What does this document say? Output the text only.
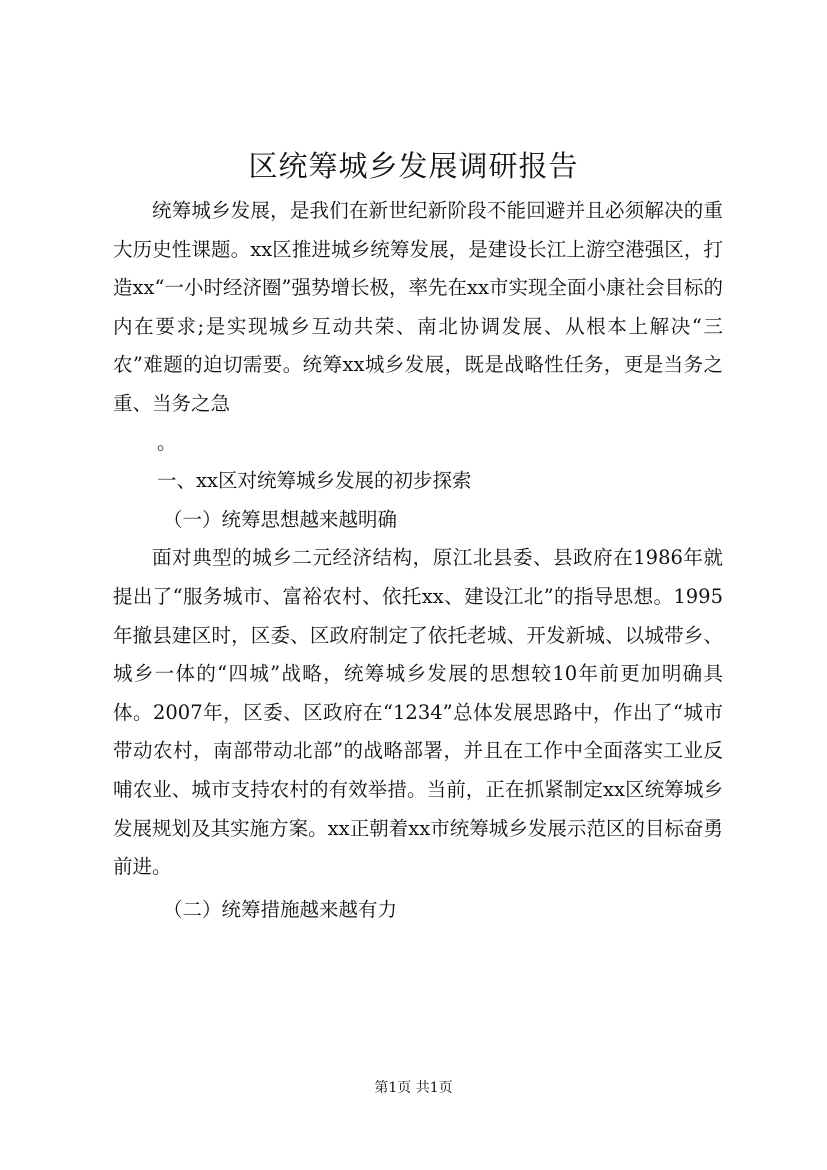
区统筹城乡发展调研报告

统筹城乡发展，是我们在新世纪新阶段不能回避并且必须解决的重大历史性课题。xx区推进城乡统筹发展，是建设长江上游空港强区，打造xx“一小时经济圈”强势增长极，率先在xx市实现全面小康社会目标的内在要求;是实现城乡互动共荣、南北协调发展、从根本上解决“三农”难题的迫切需要。统筹xx城乡发展，既是战略性任务，更是当务之重、当务之急

。

一、xx区对统筹城乡发展的初步探索

（一）统筹思想越来越明确

面对典型的城乡二元经济结构，原江北县委、县政府在1986年就提出了“服务城市、富裕农村、依托xx、建设江北”的指导思想。1995年撤县建区时，区委、区政府制定了依托老城、开发新城、以城带乡、城乡一体的“四城”战略，统筹城乡发展的思想较10年前更加明确具体。2007年，区委、区政府在“1234”总体发展思路中，作出了“城市带动农村，南部带动北部”的战略部署，并且在工作中全面落实工业反哺农业、城市支持农村的有效举措。当前，正在抓紧制定xx区统筹城乡发展规划及其实施方案。xx正朝着xx市统筹城乡发展示范区的目标奋勇前进。

（二）统筹措施越来越有力

第1页 共1页
